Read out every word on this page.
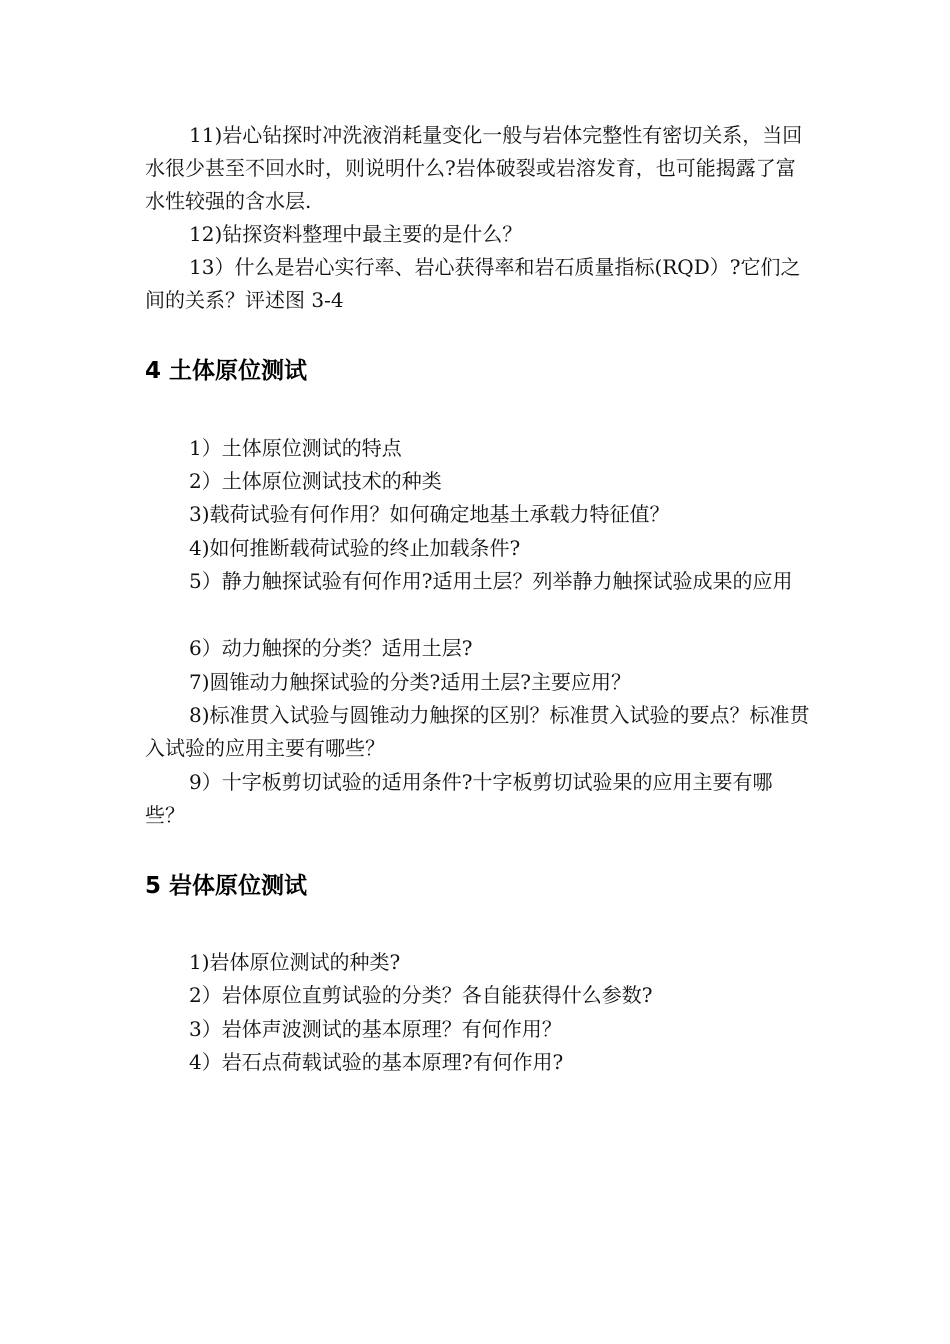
11)岩心钻探时冲洗液消耗量变化一般与岩体完整性有密切关系，当回水很少甚至不回水时，则说明什么?岩体破裂或岩溶发育，也可能揭露了富水性较强的含水层.

12)钻探资料整理中最主要的是什么？

13）什么是岩心实行率、岩心获得率和岩石质量指标(RQD）?它们之间的关系？评述图 3-4

4 土体原位测试

1）土体原位测试的特点

2）土体原位测试技术的种类

3)载荷试验有何作用？如何确定地基土承载力特征值？

4)如何推断载荷试验的终止加载条件?

5）静力触探试验有何作用?适用土层？列举静力触探试验成果的应用

6）动力触探的分类？适用土层?

7)圆锥动力触探试验的分类?适用土层?主要应用？

8)标准贯入试验与圆锥动力触探的区别？标准贯入试验的要点？标准贯入试验的应用主要有哪些？

9）十字板剪切试验的适用条件?十字板剪切试验果的应用主要有哪些？

5 岩体原位测试

1)岩体原位测试的种类?

2）岩体原位直剪试验的分类？各自能获得什么参数?

3）岩体声波测试的基本原理？有何作用？

4）岩石点荷载试验的基本原理?有何作用?
